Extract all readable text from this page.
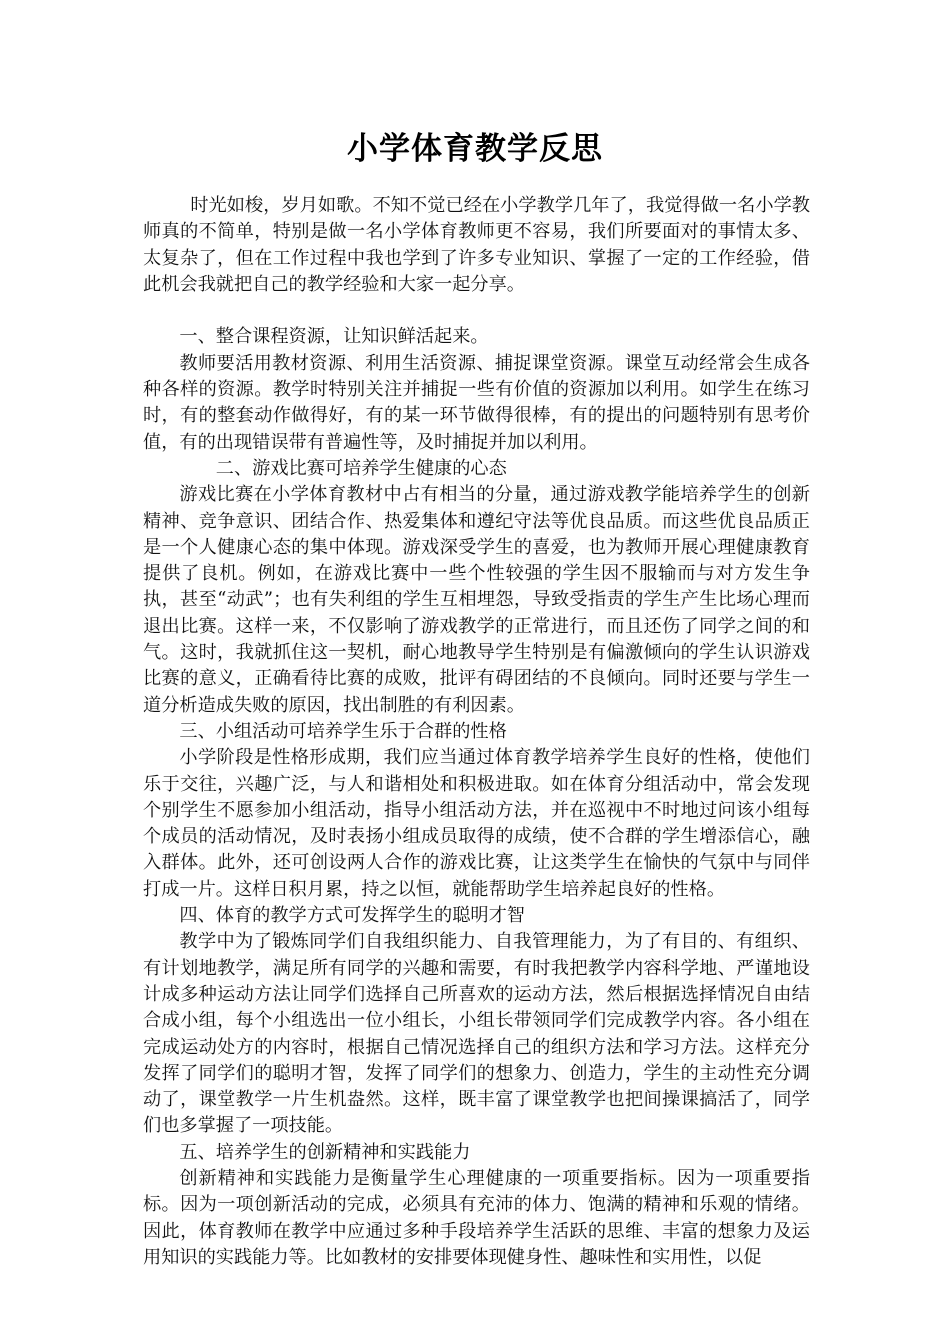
小学体育教学反思

时光如梭，岁月如歌。不知不觉已经在小学教学几年了，我觉得做一名小学教师真的不简单，特别是做一名小学体育教师更不容易，我们所要面对的事情太多、太复杂了，但在工作过程中我也学到了许多专业知识、掌握了一定的工作经验，借此机会我就把自己的教学经验和大家一起分享。

一、整合课程资源，让知识鲜活起来。

教师要活用教材资源、利用生活资源、捕捉课堂资源。课堂互动经常会生成各种各样的资源。教学时特别关注并捕捉一些有价值的资源加以利用。如学生在练习时，有的整套动作做得好，有的某一环节做得很棒，有的提出的问题特别有思考价值，有的出现错误带有普遍性等，及时捕捉并加以利用。

二、游戏比赛可培养学生健康的心态

游戏比赛在小学体育教材中占有相当的分量，通过游戏教学能培养学生的创新精神、竞争意识、团结合作、热爱集体和遵纪守法等优良品质。而这些优良品质正是一个人健康心态的集中体现。游戏深受学生的喜爱，也为教师开展心理健康教育提供了良机。例如，在游戏比赛中一些个性较强的学生因不服输而与对方发生争执，甚至“动武”；也有失利组的学生互相埋怨，导致受指责的学生产生比场心理而退出比赛。这样一来，不仅影响了游戏教学的正常进行，而且还伤了同学之间的和气。这时，我就抓住这一契机，耐心地教导学生特别是有偏激倾向的学生认识游戏比赛的意义，正确看待比赛的成败，批评有碍团结的不良倾向。同时还要与学生一道分析造成失败的原因，找出制胜的有利因素。

三、小组活动可培养学生乐于合群的性格

小学阶段是性格形成期，我们应当通过体育教学培养学生良好的性格，使他们乐于交往，兴趣广泛，与人和谐相处和积极进取。如在体育分组活动中，常会发现个别学生不愿参加小组活动，指导小组活动方法，并在巡视中不时地过问该小组每个成员的活动情况，及时表扬小组成员取得的成绩，使不合群的学生增添信心，融入群体。此外，还可创设两人合作的游戏比赛，让这类学生在愉快的气氛中与同伴打成一片。这样日积月累，持之以恒，就能帮助学生培养起良好的性格。

四、体育的教学方式可发挥学生的聪明才智

教学中为了锻炼同学们自我组织能力、自我管理能力，为了有目的、有组织、有计划地教学，满足所有同学的兴趣和需要，有时我把教学内容科学地、严谨地设计成多种运动方法让同学们选择自己所喜欢的运动方法，然后根据选择情况自由结合成小组，每个小组选出一位小组长，小组长带领同学们完成教学内容。各小组在完成运动处方的内容时，根据自己情况选择自己的组织方法和学习方法。这样充分发挥了同学们的聪明才智，发挥了同学们的想象力、创造力，学生的主动性充分调动了，课堂教学一片生机盎然。这样，既丰富了课堂教学也把间操课搞活了，同学们也多掌握了一项技能。

五、培养学生的创新精神和实践能力

创新精神和实践能力是衡量学生心理健康的一项重要指标。因为一项重要指标。因为一项创新活动的完成，必须具有充沛的体力、饱满的精神和乐观的情绪。因此，体育教师在教学中应通过多种手段培养学生活跃的思维、丰富的想象力及运用知识的实践能力等。比如教材的安排要体现健身性、趣味性和实用性，以促
